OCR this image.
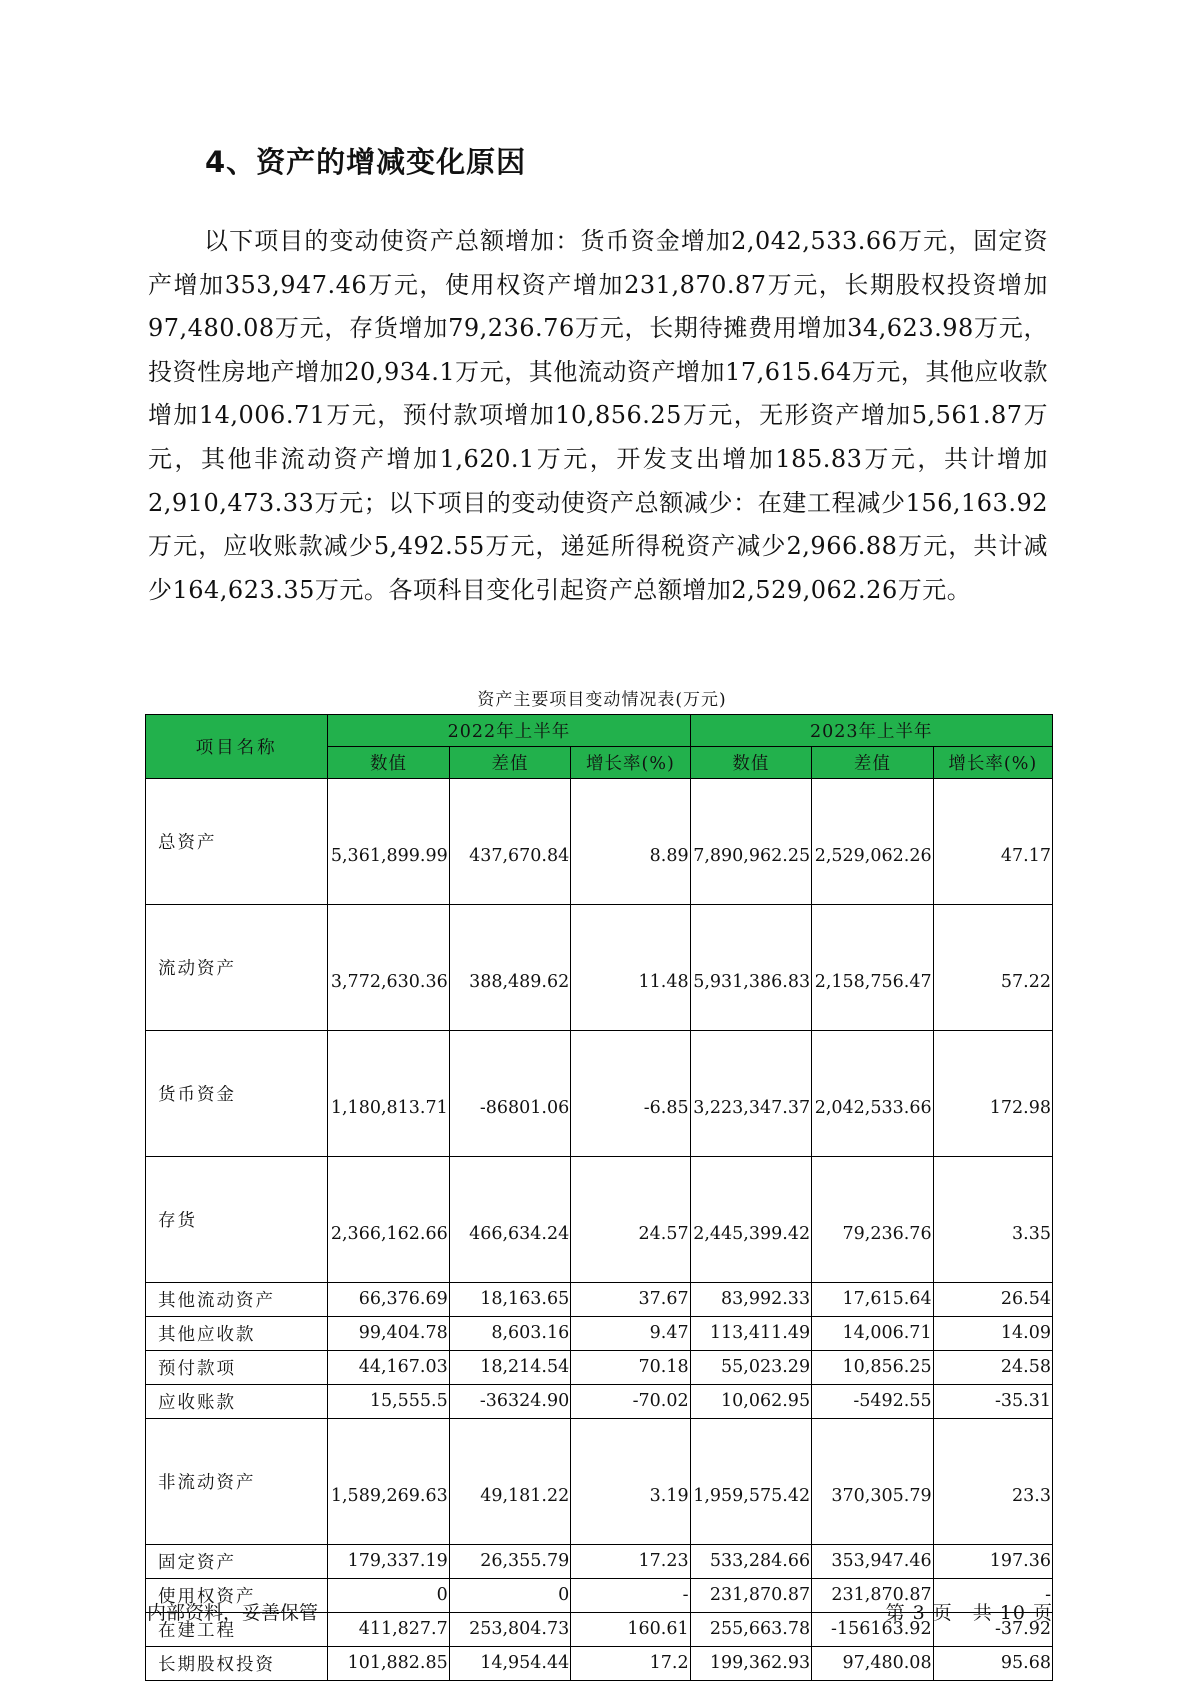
4、资产的增减变化原因

以下项目的变动使资产总额增加：货币资金增加2,042,533.66万元，固定资产增加353,947.46万元，使用权资产增加231,870.87万元，长期股权投资增加97,480.08万元，存货增加79,236.76万元，长期待摊费用增加34,623.98万元，投资性房地产增加20,934.1万元，其他流动资产增加17,615.64万元，其他应收款增加14,006.71万元，预付款项增加10,856.25万元，无形资产增加5,561.87万元，其他非流动资产增加1,620.1万元，开发支出增加185.83万元，共计增加2,910,473.33万元；以下项目的变动使资产总额减少：在建工程减少156,163.92万元，应收账款减少5,492.55万元，递延所得税资产减少2,966.88万元，共计减少164,623.35万元。各项科目变化引起资产总额增加2,529,062.26万元。

资产主要项目变动情况表(万元)
项目名称	2022年上半年			2023年上半年		
	数值	差值	增长率(%)	数值	差值	增长率(%)
总资产	5,361,899.99	437,670.84	8.89	7,890,962.25	2,529,062.26	47.17
流动资产	3,772,630.36	388,489.62	11.48	5,931,386.83	2,158,756.47	57.22
货币资金	1,180,813.71	-86801.06	-6.85	3,223,347.37	2,042,533.66	172.98
存货	2,366,162.66	466,634.24	24.57	2,445,399.42	79,236.76	3.35
其他流动资产	66,376.69	18,163.65	37.67	83,992.33	17,615.64	26.54
其他应收款	99,404.78	8,603.16	9.47	113,411.49	14,006.71	14.09
预付款项	44,167.03	18,214.54	70.18	55,023.29	10,856.25	24.58
应收账款	15,555.5	-36324.90	-70.02	10,062.95	-5492.55	-35.31
非流动资产	1,589,269.63	49,181.22	3.19	1,959,575.42	370,305.79	23.3
固定资产	179,337.19	26,355.79	17.23	533,284.66	353,947.46	197.36
使用权资产	0	0	-	231,870.87	231,870.87	-
在建工程	411,827.7	253,804.73	160.61	255,663.78	-156163.92	-37.92
长期股权投资	101,882.85	14,954.44	17.2	199,362.93	97,480.08	95.68
内部资料，妥善保管	第 3 页　共 10 页
